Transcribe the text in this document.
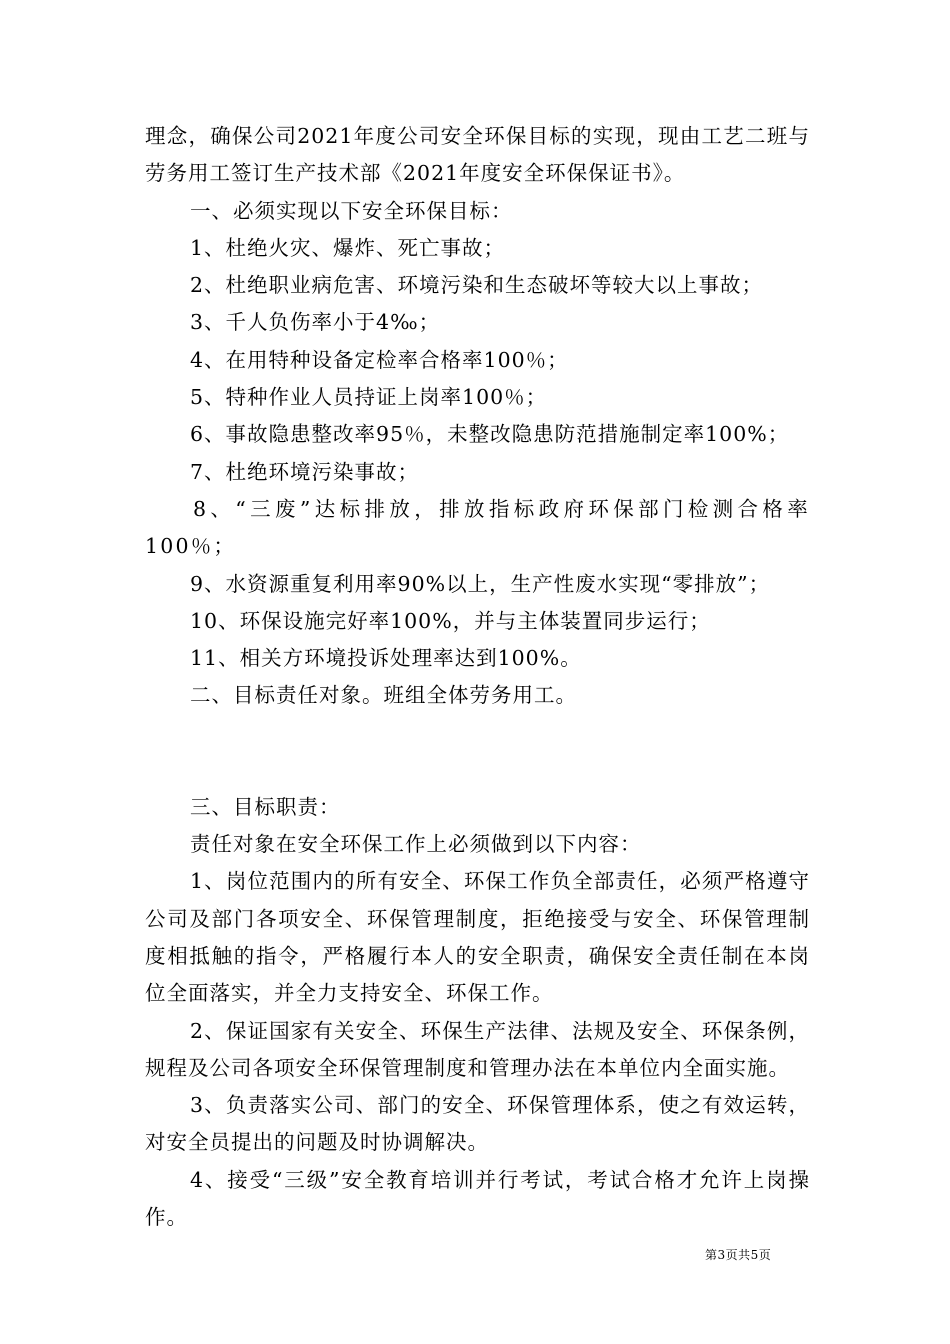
理念，确保公司2021年度公司安全环保目标的实现，现由工艺二班与劳务用工签订生产技术部《2021年度安全环保保证书》。

一、必须实现以下安全环保目标：

1、杜绝火灾、爆炸、死亡事故；

2、杜绝职业病危害、环境污染和生态破坏等较大以上事故；

3、千人负伤率小于4‰；

4、在用特种设备定检率合格率100％；

5、特种作业人员持证上岗率100％；

6、事故隐患整改率95％，未整改隐患防范措施制定率100%；

7、杜绝环境污染事故；

8、“三废”达标排放，排放指标政府环保部门检测合格率100％；

9、水资源重复利用率90%以上，生产性废水实现“零排放”；

10、环保设施完好率100%，并与主体装置同步运行；

11、相关方环境投诉处理率达到100%。

二、目标责任对象。班组全体劳务用工。

三、目标职责：

责任对象在安全环保工作上必须做到以下内容：

1、岗位范围内的所有安全、环保工作负全部责任，必须严格遵守公司及部门各项安全、环保管理制度，拒绝接受与安全、环保管理制度相抵触的指令，严格履行本人的安全职责，确保安全责任制在本岗位全面落实，并全力支持安全、环保工作。

2、保证国家有关安全、环保生产法律、法规及安全、环保条例，规程及公司各项安全环保管理制度和管理办法在本单位内全面实施。

3、负责落实公司、部门的安全、环保管理体系，使之有效运转，对安全员提出的问题及时协调解决。

4、接受“三级”安全教育培训并行考试，考试合格才允许上岗操作。

第3页共5页
